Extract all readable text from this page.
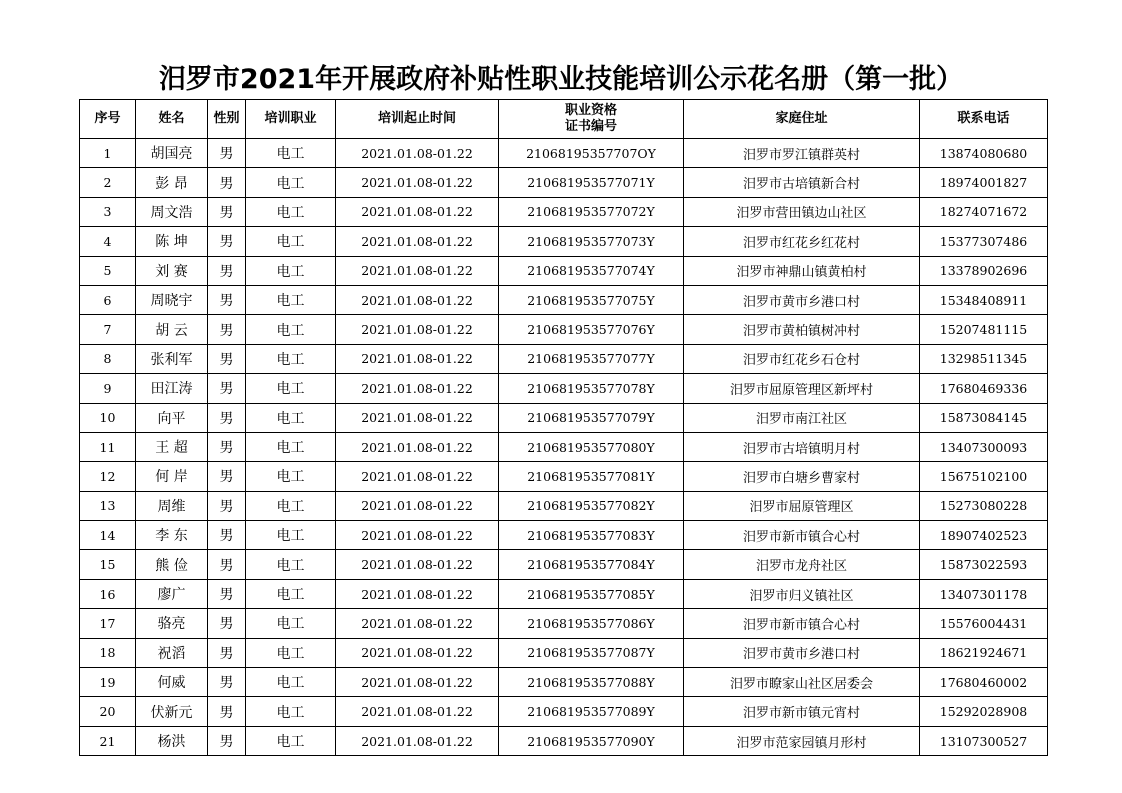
汨罗市2021年开展政府补贴性职业技能培训公示花名册（第一批）
序号	姓名	性别	培训职业	培训起止时间	职业资格
证书编号	家庭住址	联系电话
1	胡国亮	男	电工	2021.01.08-01.22	21068195357707OY	汨罗市罗江镇群英村	13874080680
2	彭 昂	男	电工	2021.01.08-01.22	210681953577071Y	汨罗市古培镇新合村	18974001827
3	周文浩	男	电工	2021.01.08-01.22	210681953577072Y	汨罗市营田镇边山社区	18274071672
4	陈 坤	男	电工	2021.01.08-01.22	210681953577073Y	汨罗市红花乡红花村	15377307486
5	刘 赛	男	电工	2021.01.08-01.22	210681953577074Y	汨罗市神鼎山镇黄柏村	13378902696
6	周晓宇	男	电工	2021.01.08-01.22	210681953577075Y	汨罗市黄市乡港口村	15348408911
7	胡 云	男	电工	2021.01.08-01.22	210681953577076Y	汨罗市黄柏镇树冲村	15207481115
8	张利军	男	电工	2021.01.08-01.22	210681953577077Y	汨罗市红花乡石仓村	13298511345
9	田江涛	男	电工	2021.01.08-01.22	210681953577078Y	汨罗市屈原管理区新坪村	17680469336
10	向平	男	电工	2021.01.08-01.22	210681953577079Y	汨罗市南江社区	15873084145
11	王 超	男	电工	2021.01.08-01.22	210681953577080Y	汨罗市古培镇明月村	13407300093
12	何 岸	男	电工	2021.01.08-01.22	210681953577081Y	汨罗市白塘乡曹家村	15675102100
13	周维	男	电工	2021.01.08-01.22	210681953577082Y	汨罗市屈原管理区	15273080228
14	李 东	男	电工	2021.01.08-01.22	210681953577083Y	汨罗市新市镇合心村	18907402523
15	熊 俭	男	电工	2021.01.08-01.22	210681953577084Y	汨罗市龙舟社区	15873022593
16	廖广	男	电工	2021.01.08-01.22	210681953577085Y	汨罗市归义镇社区	13407301178
17	骆亮	男	电工	2021.01.08-01.22	210681953577086Y	汨罗市新市镇合心村	15576004431
18	祝滔	男	电工	2021.01.08-01.22	210681953577087Y	汨罗市黄市乡港口村	18621924671
19	何威	男	电工	2021.01.08-01.22	210681953577088Y	汨罗市瞭家山社区居委会	17680460002
20	伏新元	男	电工	2021.01.08-01.22	210681953577089Y	汨罗市新市镇元宵村	15292028908
21	杨洪	男	电工	2021.01.08-01.22	210681953577090Y	汨罗市范家园镇月形村	13107300527
